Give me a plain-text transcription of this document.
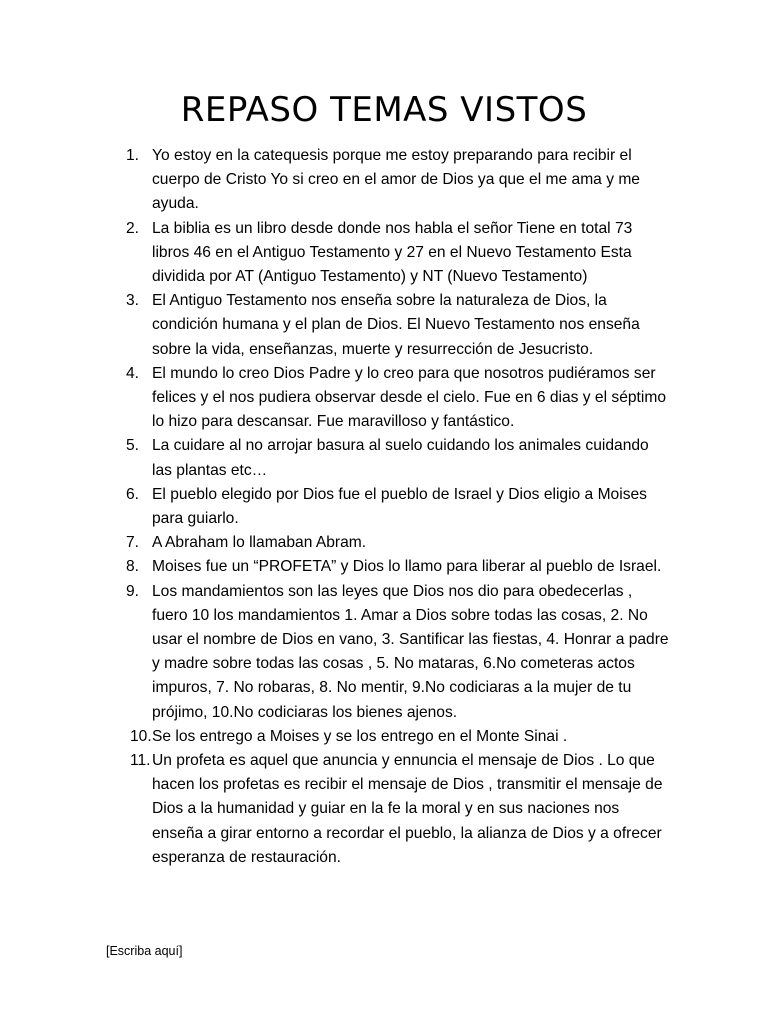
REPASO TEMAS VISTOS
1. Yo estoy en la catequesis porque me estoy preparando para recibir el cuerpo de Cristo Yo si creo en el amor de Dios ya que el me ama y me ayuda.
2. La biblia es un libro desde donde nos habla el señor Tiene en total 73 libros 46 en el Antiguo Testamento y 27 en el Nuevo Testamento Esta dividida por AT (Antiguo Testamento) y NT (Nuevo Testamento)
3. El Antiguo Testamento nos enseña sobre la naturaleza de Dios, la condición humana y el plan de Dios. El Nuevo Testamento nos enseña sobre la vida, enseñanzas, muerte y resurrección de Jesucristo.
4. El mundo lo creo Dios Padre y lo creo para que nosotros pudiéramos ser felices y el nos pudiera observar desde el cielo. Fue en 6 dias y el séptimo lo hizo para descansar. Fue maravilloso y fantástico.
5. La cuidare al no arrojar basura al suelo cuidando los animales cuidando las plantas etc…
6. El pueblo elegido por Dios fue el pueblo de Israel y Dios eligio a Moises para guiarlo.
7. A Abraham lo llamaban Abram.
8. Moises fue un “PROFETA” y Dios lo llamo para liberar al pueblo de Israel.
9. Los mandamientos son las leyes que Dios nos dio para obedecerlas , fuero 10 los mandamientos 1. Amar a Dios sobre todas las cosas, 2. No usar el nombre de Dios en vano, 3. Santificar las fiestas, 4. Honrar a padre y madre sobre todas las cosas , 5. No mataras, 6.No cometeras actos impuros, 7. No robaras, 8. No mentir, 9.No codiciaras a la mujer de tu prójimo, 10.No codiciaras los bienes ajenos.
10. Se los entrego a Moises y se los entrego en el Monte Sinai .
11. Un profeta es aquel que anuncia y ennuncia el mensaje de Dios . Lo que hacen los profetas es recibir el mensaje de Dios , transmitir el mensaje de Dios a la humanidad y guiar en la fe la moral y en sus naciones nos enseña a girar entorno a recordar el pueblo, la alianza de Dios y a ofrecer esperanza de restauración.
[Escriba aquí]
